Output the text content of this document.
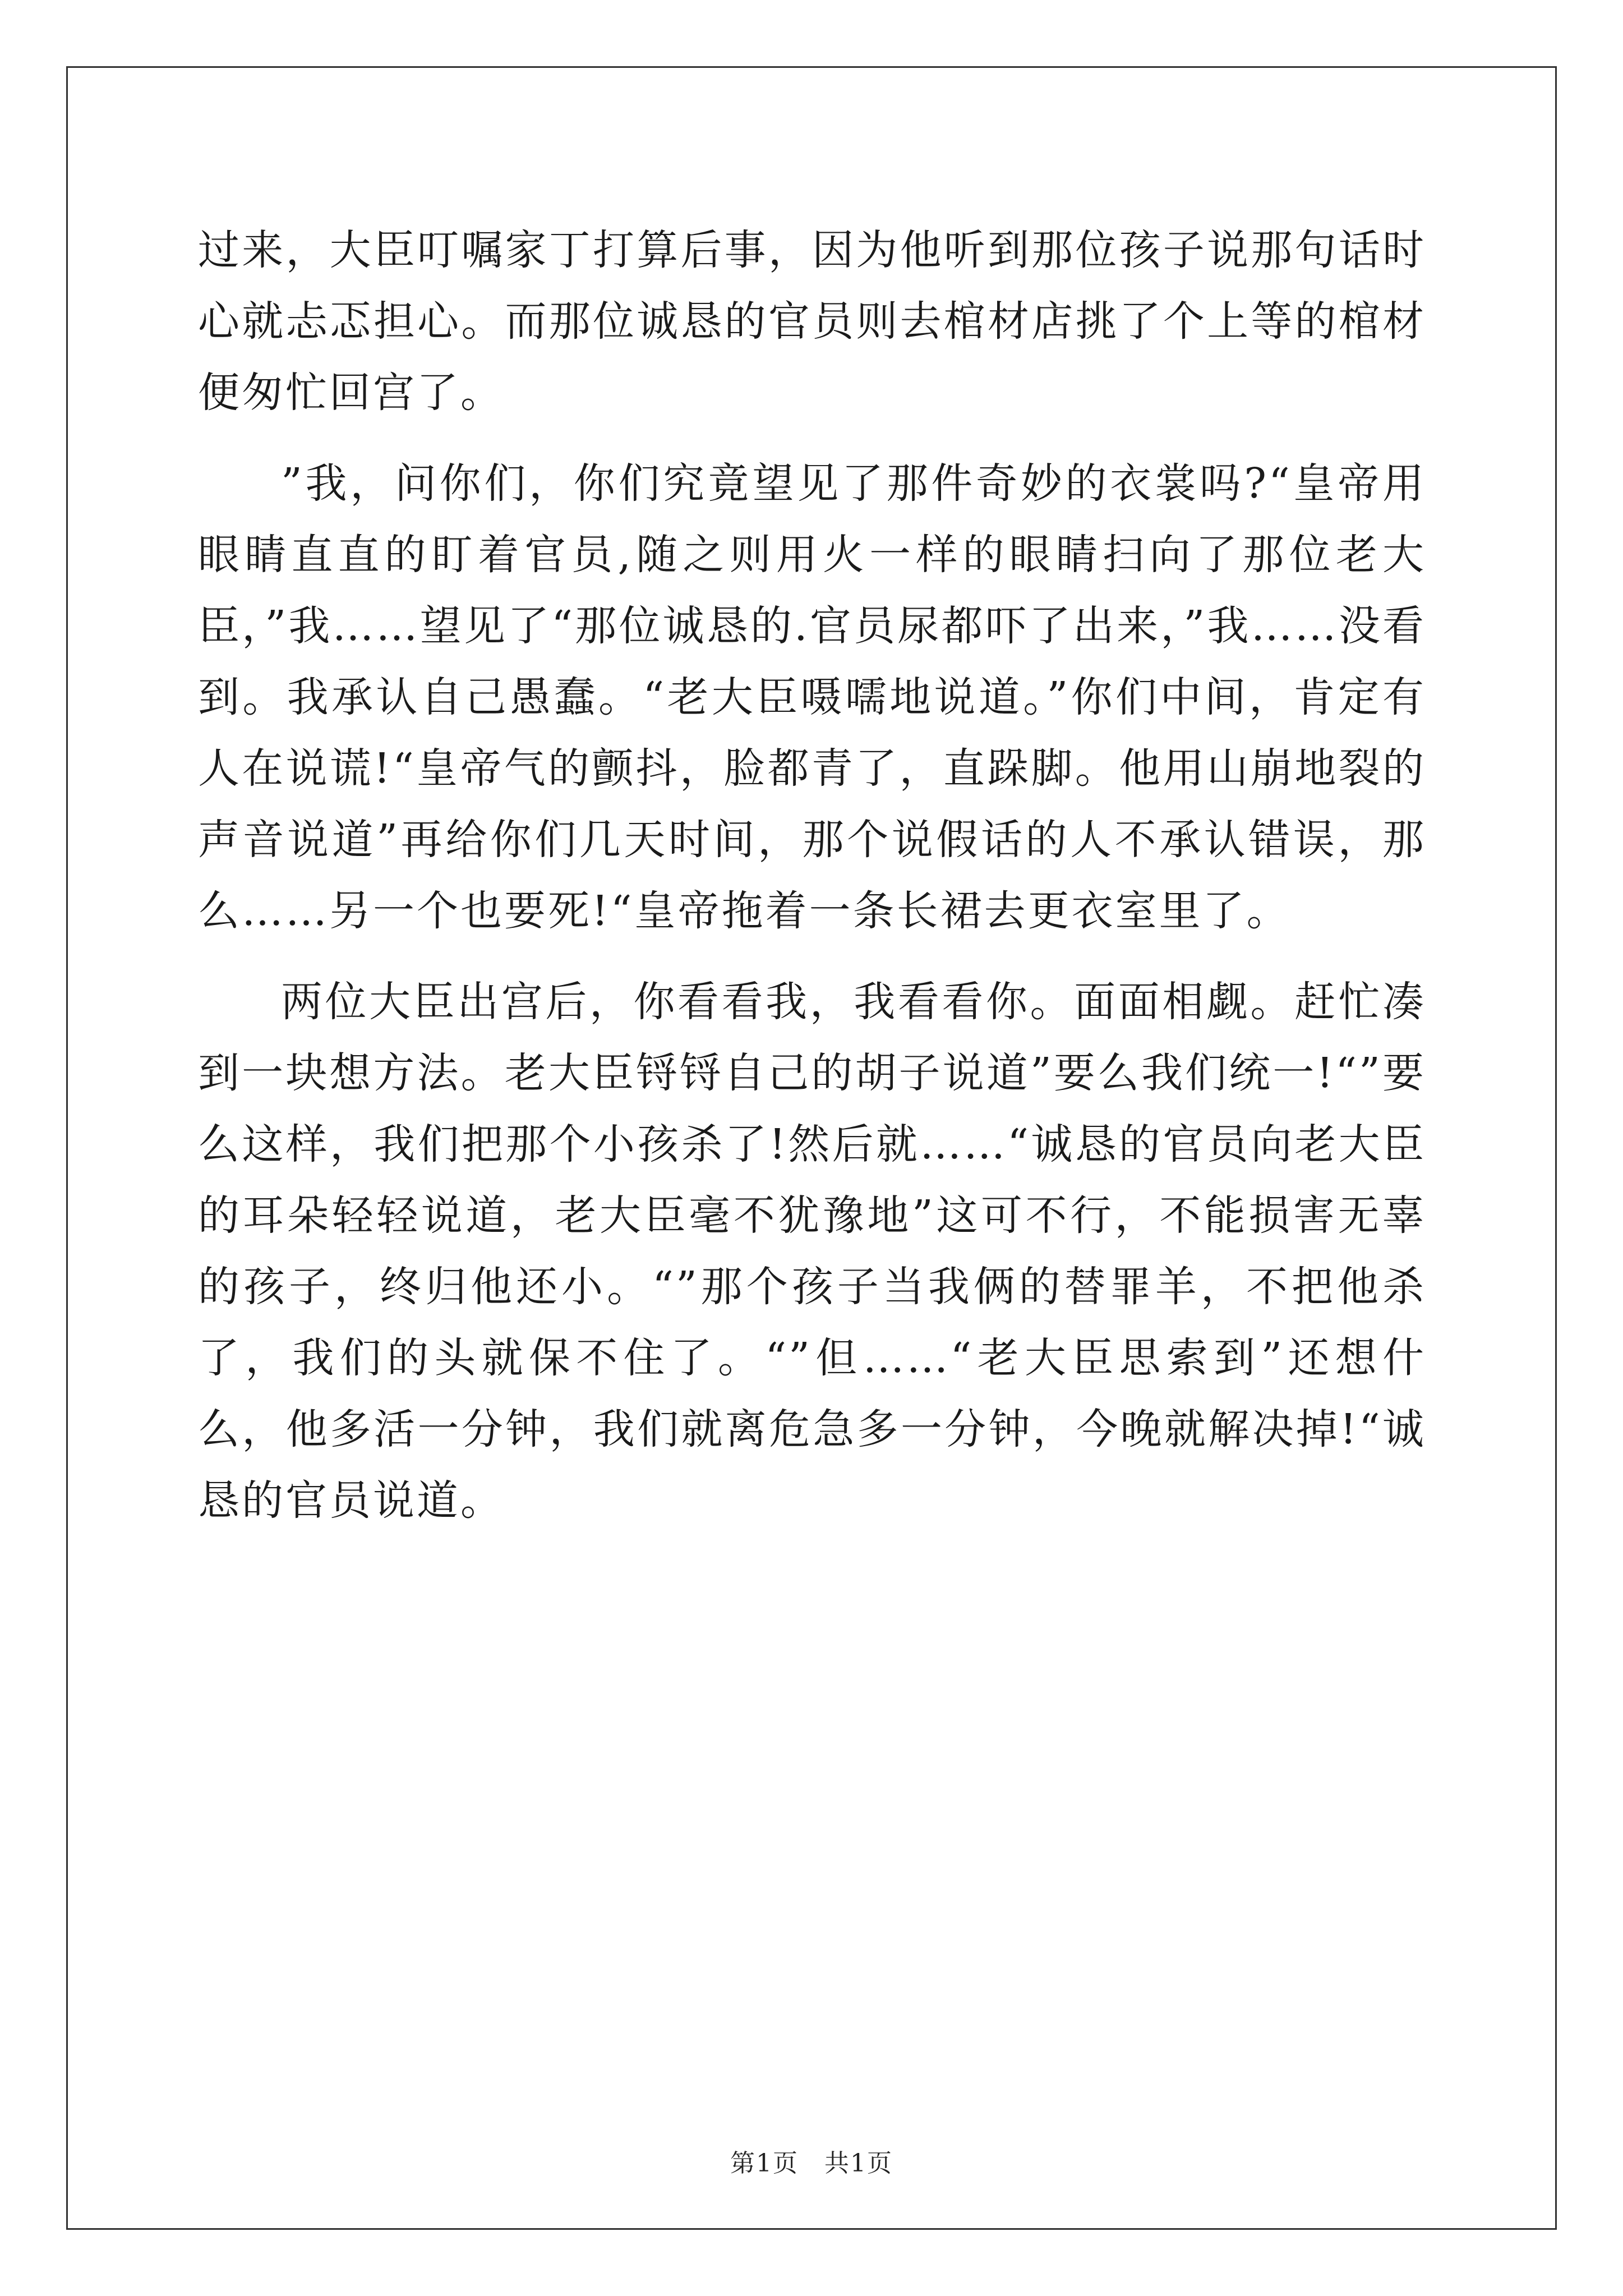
过来，大臣叮嘱家丁打算后事，因为他听到那位孩子说那句话时心就忐忑担心。而那位诚恳的官员则去棺材店挑了个上等的棺材便匆忙回宫了。

”我，问你们，你们究竟望见了那件奇妙的衣裳吗?“皇帝用眼睛直直的盯着官员,随之则用火一样的眼睛扫向了那位老大臣，”我……望见了“那位诚恳的.官员尿都吓了出来，”我……没看到。我承认自己愚蠢。“老大臣嗫嚅地说道。”你们中间，肯定有人在说谎!“皇帝气的颤抖，脸都青了，直跺脚。他用山崩地裂的声音说道”再给你们几天时间，那个说假话的人不承认错误，那么……另一个也要死!“皇帝拖着一条长裙去更衣室里了。

两位大臣出宫后，你看看我，我看看你。面面相觑。赶忙凑到一块想方法。老大臣锊锊自己的胡子说道”要么我们统一!“”要么这样，我们把那个小孩杀了!然后就……“诚恳的官员向老大臣的耳朵轻轻说道，老大臣毫不犹豫地”这可不行，不能损害无辜的孩子，终归他还小。“”那个孩子当我俩的替罪羊，不把他杀了，我们的头就保不住了。“”但……“老大臣思索到”还想什么，他多活一分钟，我们就离危急多一分钟，今晚就解决掉!“诚恳的官员说道。

第1页　共1页
